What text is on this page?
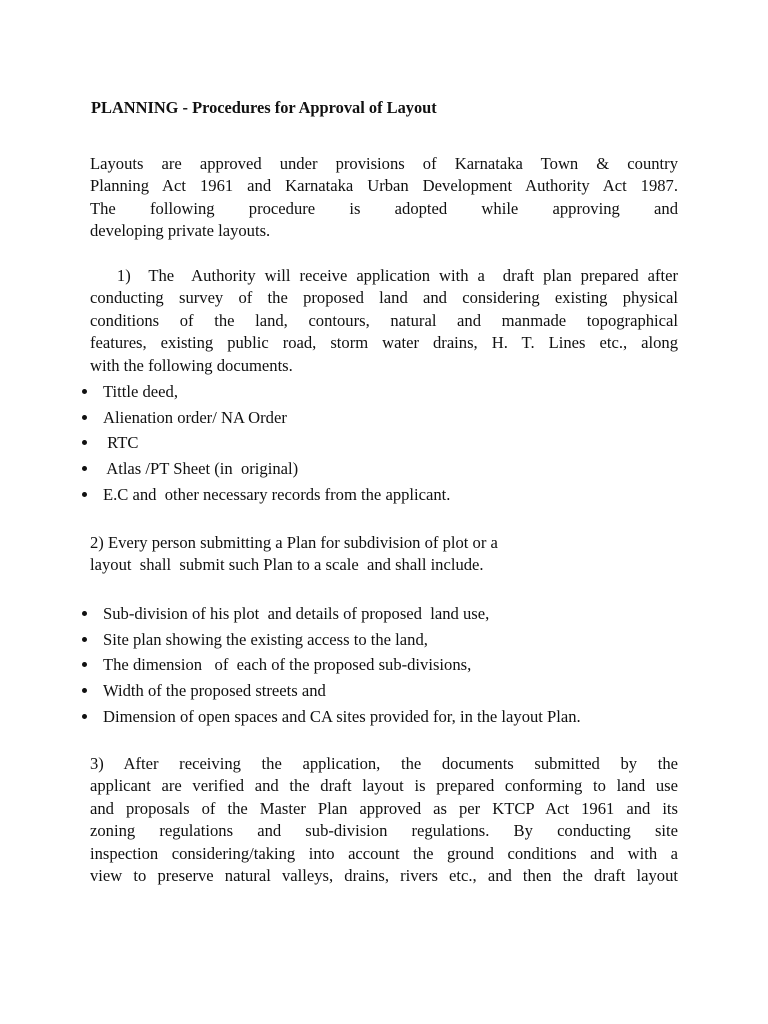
PLANNING - Procedures for Approval of Layout
Layouts are approved under provisions of Karnataka Town & country
Planning Act 1961 and Karnataka Urban Development Authority Act 1987.
The following procedure is adopted while approving and
developing private layouts.
1)  The  Authority will receive application with a  draft plan prepared after
conducting survey of the proposed land and considering existing physical
conditions of the land, contours, natural and manmade topographical
features, existing public road, storm water drains, H. T. Lines etc., along
with the following documents.
Tittle deed,
Alienation order/ NA Order
RTC
Atlas /PT Sheet (in  original)
E.C and  other necessary records from the applicant.
2) Every person submitting a Plan for subdivision of plot or a
layout  shall  submit such Plan to a scale  and shall include.
Sub-division of his plot  and details of proposed  land use,
Site plan showing the existing access to the land,
The dimension   of  each of the proposed sub-divisions,
Width of the proposed streets and
Dimension of open spaces and CA sites provided for, in the layout Plan.
3) After receiving the application, the documents submitted by the
applicant are verified and the draft layout is prepared conforming to land use
and proposals of the Master Plan approved as per KTCP Act 1961 and its
zoning regulations and sub-division regulations. By conducting site
inspection considering/taking into account the ground conditions and with a
view to preserve natural valleys, drains, rivers etc., and then the draft layout
